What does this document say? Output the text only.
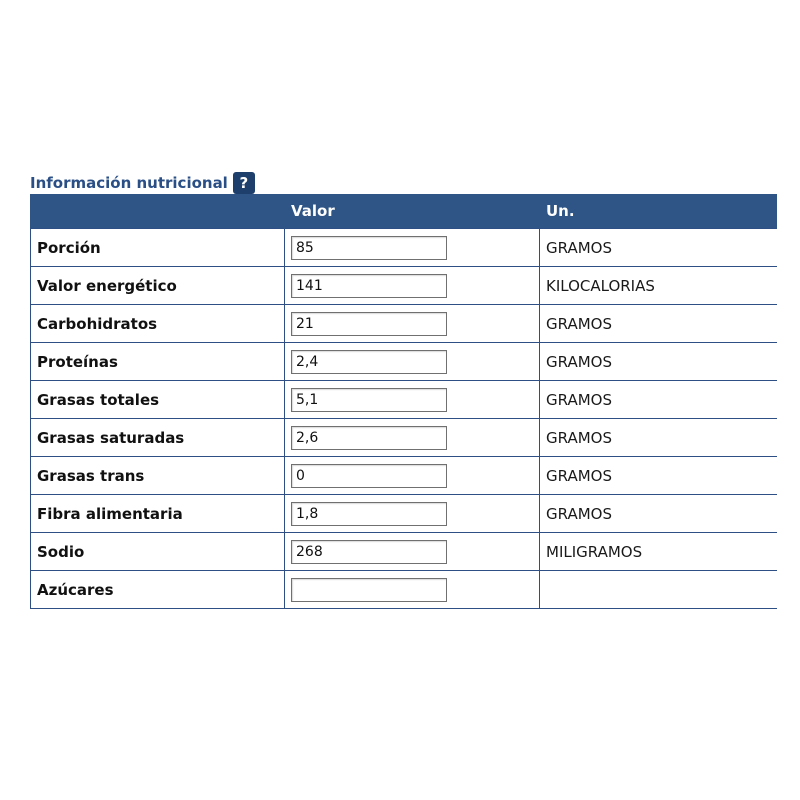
Información nutricional ?
	Valor	Un.
Porción	85	GRAMOS
Valor energético	141	KILOCALORIAS
Carbohidratos	21	GRAMOS
Proteínas	2,4	GRAMOS
Grasas totales	5,1	GRAMOS
Grasas saturadas	2,6	GRAMOS
Grasas trans	0	GRAMOS
Fibra alimentaria	1,8	GRAMOS
Sodio	268	MILIGRAMOS
Azúcares		
